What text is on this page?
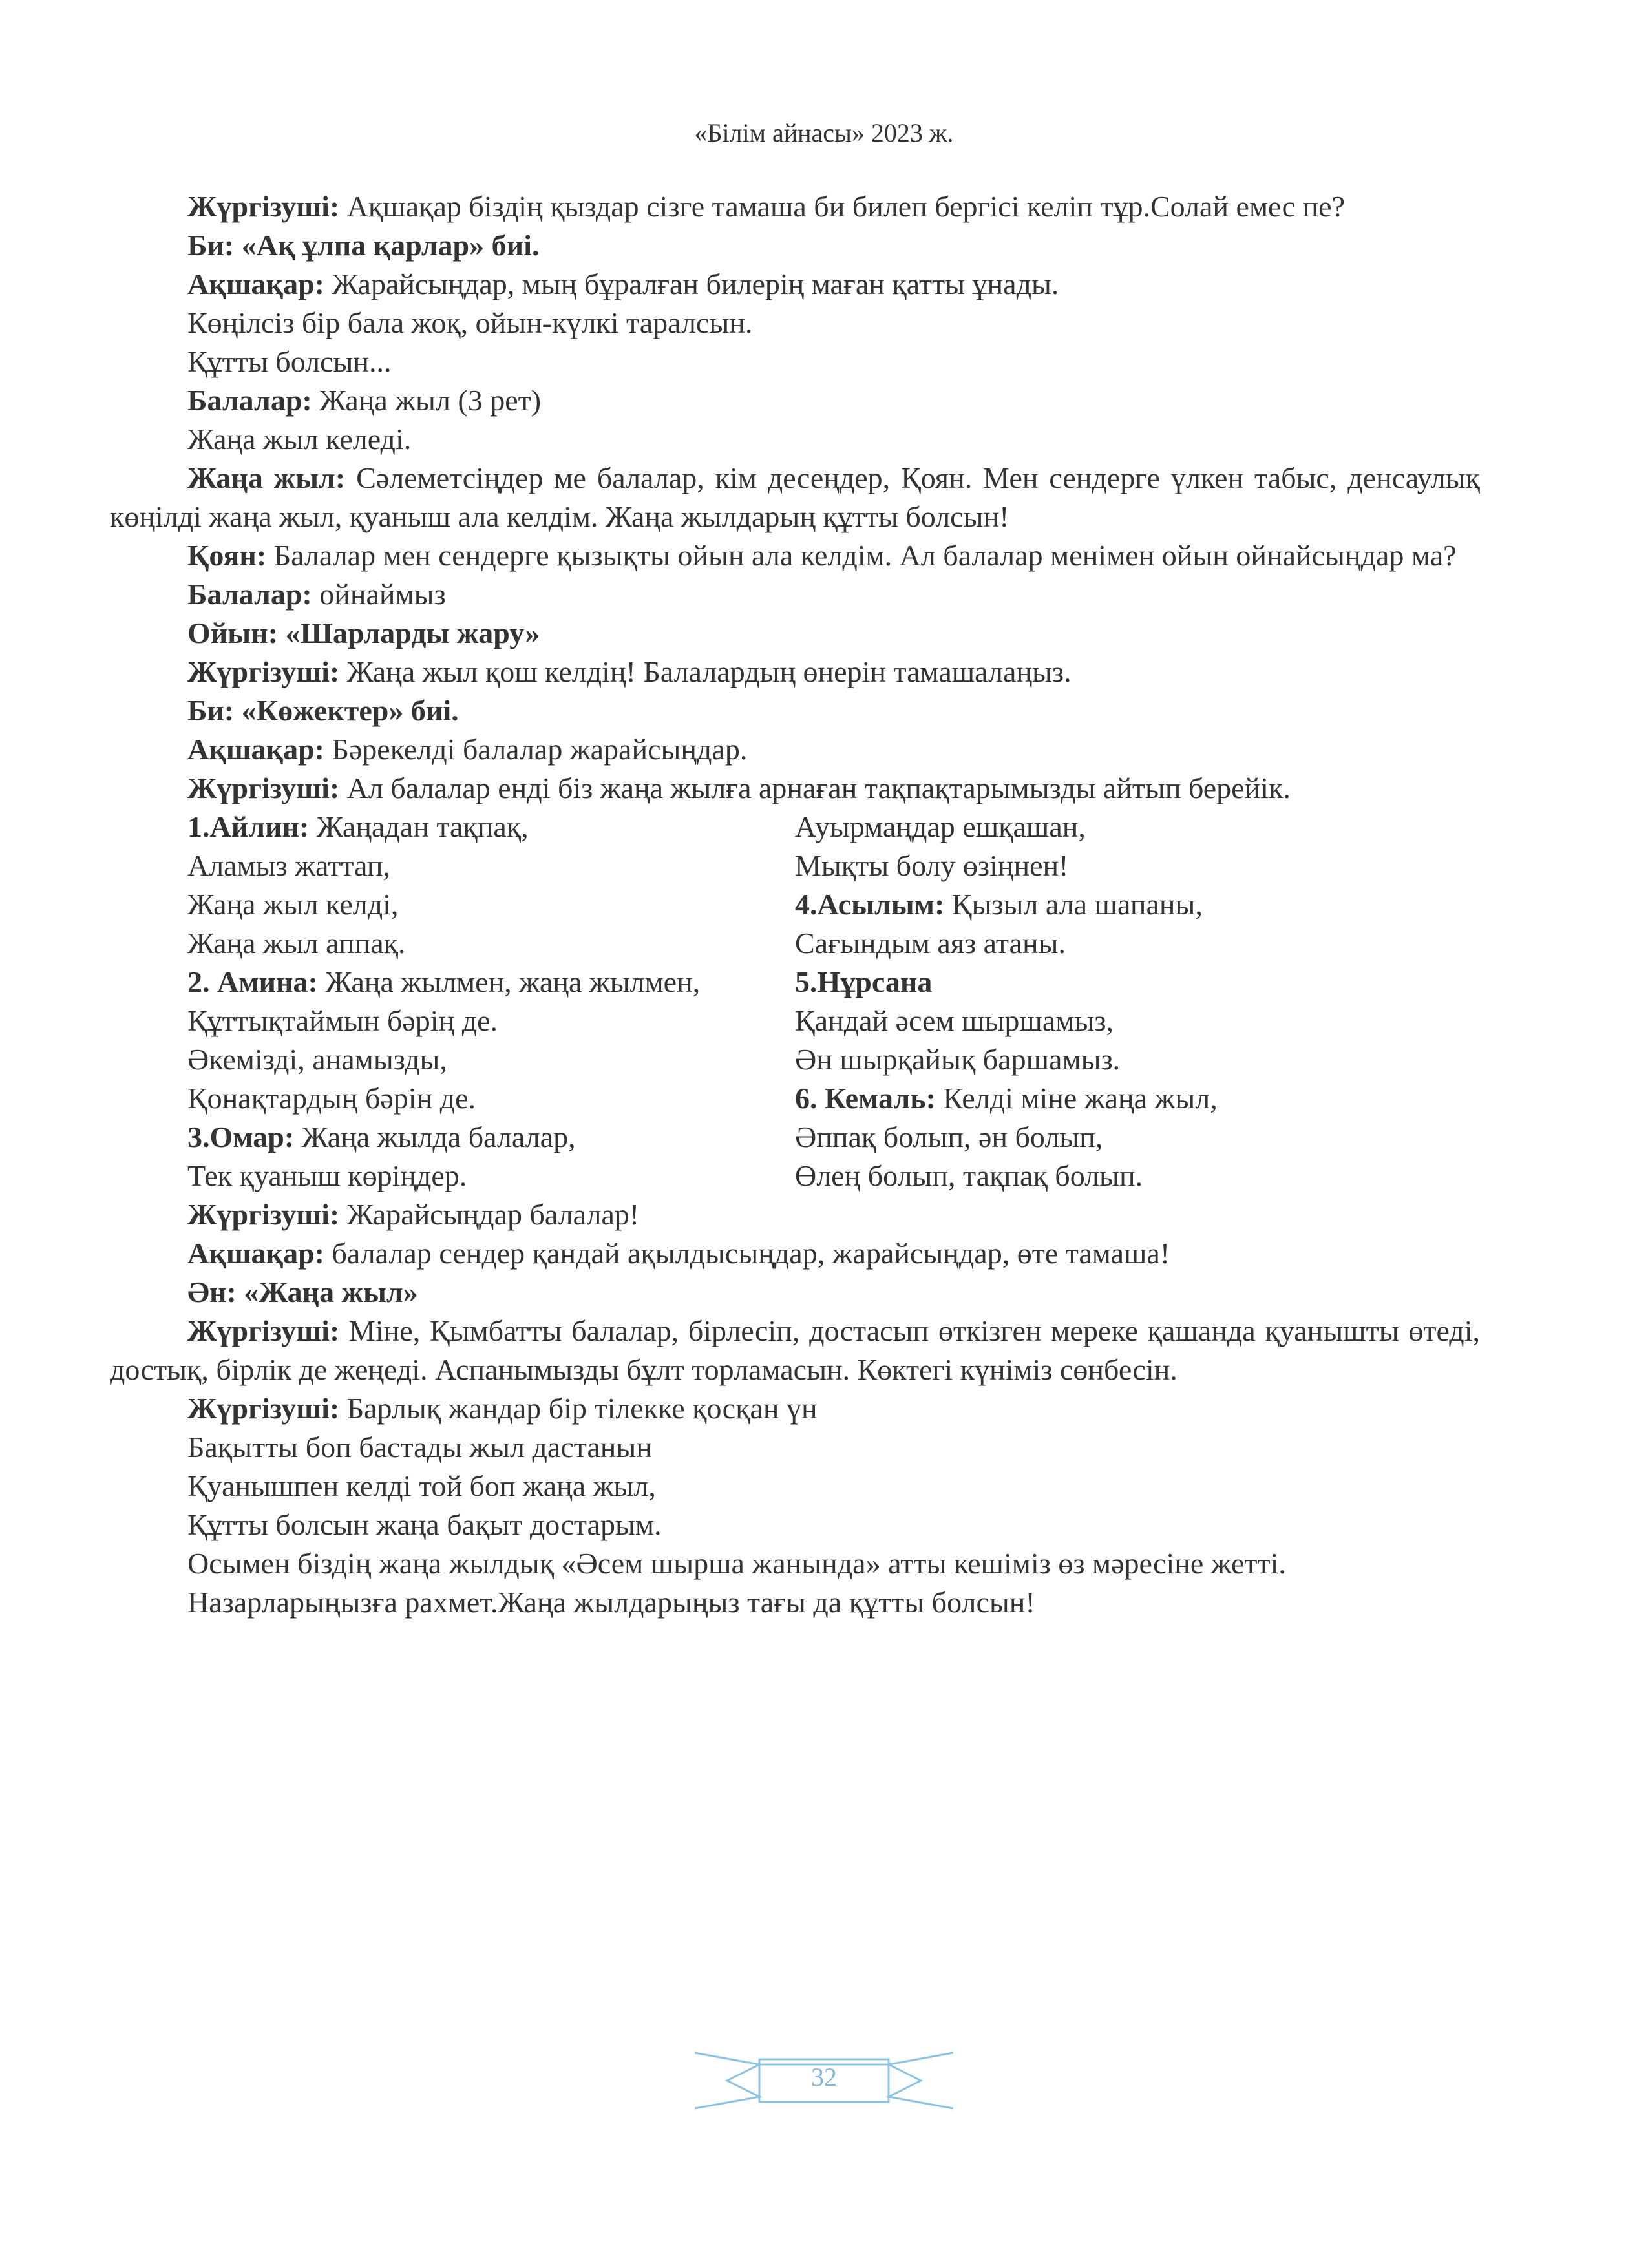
«Білім айнасы» 2023 ж.
Жүргізуші: Ақшақар біздің қыздар сізге тамаша би билеп бергісі келіп тұр.Солай емес пе?
Би: «Ақ ұлпа қарлар» биі.
Ақшақар: Жарайсыңдар, мың бұралған билерің маған қатты ұнады.
Көңілсіз бір бала жоқ, ойын-күлкі таралсын.
Құтты болсын...
Балалар: Жаңа жыл (3 рет)
Жаңа жыл келеді.
Жаңа жыл: Сәлеметсіңдер ме балалар, кім десеңдер, Қоян. Мен сендерге үлкен табыс, денсаулық көңілді жаңа жыл, қуаныш ала келдім. Жаңа жылдарың құтты болсын!
Қоян: Балалар мен сендерге қызықты ойын ала келдім. Ал балалар менімен ойын ойнайсыңдар ма?
Балалар: ойнаймыз
Ойын: «Шарларды жару»
Жүргізуші: Жаңа жыл қош келдің! Балалардың өнерін тамашалаңыз.
Би: «Көжектер» биі.
Ақшақар: Бәрекелді балалар жарайсыңдар.
Жүргізуші: Ал балалар енді біз жаңа жылға арнаған тақпақтарымызды айтып берейік.
1.Айлин: Жаңадан тақпақ,
Аламыз жаттап,
Жаңа жыл келді,
Жаңа жыл аппақ.
2. Амина: Жаңа жылмен, жаңа жылмен,
Құттықтаймын бәрің де.
Әкемізді, анамызды,
Қонақтардың бәрін де.
3.Омар: Жаңа жылда балалар,
Тек қуаныш көріңдер.
Ауырмаңдар ешқашан,
Мықты болу өзіңнен!
4.Асылым: Қызыл ала шапаны,
Сағындым аяз атаны.
5.Нұрсана
Қандай әсем шыршамыз,
Ән шырқайық баршамыз.
6. Кемаль: Келді міне жаңа жыл,
Әппақ болып, ән болып,
Өлең болып, тақпақ болып.
Жүргізуші: Жарайсыңдар балалар!
Ақшақар: балалар сендер қандай ақылдысыңдар, жарайсыңдар, өте тамаша!
Ән: «Жаңа жыл»
Жүргізуші: Міне, Қымбатты балалар, бірлесіп, достасып өткізген мереке қашанда қуанышты өтеді, достық, бірлік де жеңеді. Аспанымызды бұлт торламасын. Көктегі күніміз сөнбесін.
Жүргізуші: Барлық жандар бір тілекке қосқан үн
Бақытты боп бастады жыл дастанын
Қуанышпен келді той боп жаңа жыл,
Құтты болсын жаңа бақыт достарым.
Осымен біздің жаңа жылдық «Әсем шырша жанында» атты кешіміз өз мәресіне жетті.
Назарларыңызға рахмет.Жаңа жылдарыңыз тағы да құтты болсын!
32
